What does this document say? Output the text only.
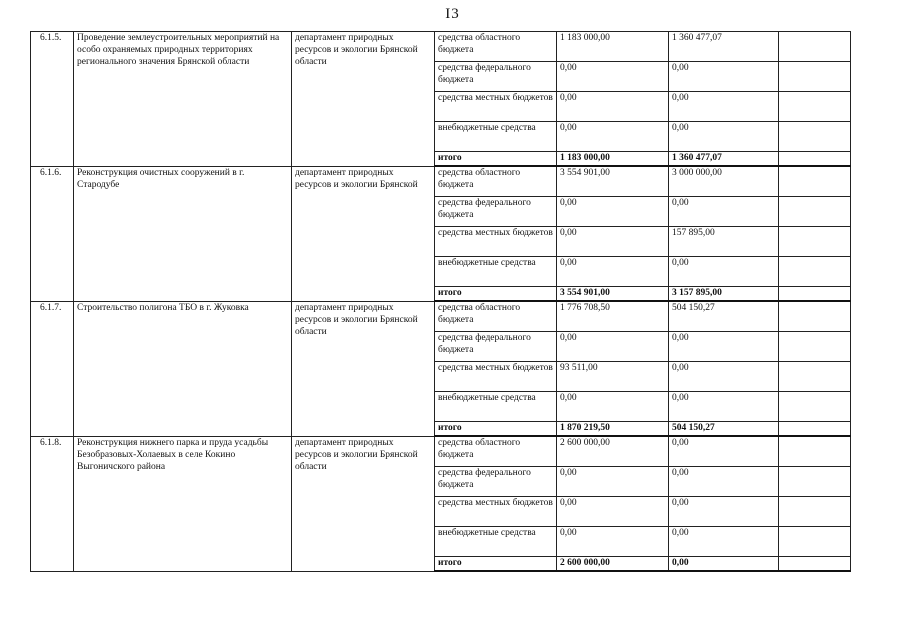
I3
6.1.5.	Проведение землеустроительных мероприятий на особо охраняемых природных территориях регионального значения Брянской области	департамент природных ресурсов и экологии Брянской области	средства областного бюджета	1 183 000,00	1 360 477,07	
			средства федерального бюджета	0,00	0,00	
			средства местных бюджетов	0,00	0,00	
			внебюджетные средства	0,00	0,00	
			итого	1 183 000,00	1 360 477,07	
6.1.6.	Реконструкция очистных сооружений в г. Стародубе	департамент природных ресурсов и экологии Брянской	средства областного бюджета	3 554 901,00	3 000 000,00	
			средства федерального бюджета	0,00	0,00	
			средства местных бюджетов	0,00	157 895,00	
			внебюджетные средства	0,00	0,00	
			итого	3 554 901,00	3 157 895,00	
6.1.7.	Строительство полигона ТБО в г. Жуковка	департамент природных ресурсов и экологии Брянской области	средства областного бюджета	1 776 708,50	504 150,27	
			средства федерального бюджета	0,00	0,00	
			средства местных бюджетов	93 511,00	0,00	
			внебюджетные средства	0,00	0,00	
			итого	1 870 219,50	504 150,27	
6.1.8.	Реконструкция нижнего парка и пруда усадьбы Безобразовых-Холаевых в селе Кокино Выгоничского района	департамент природных ресурсов и экологии Брянской области	средства областного бюджета	2 600 000,00	0,00	
			средства федерального бюджета	0,00	0,00	
			средства местных бюджетов	0,00	0,00	
			внебюджетные средства	0,00	0,00	
			итого	2 600 000,00	0,00	
